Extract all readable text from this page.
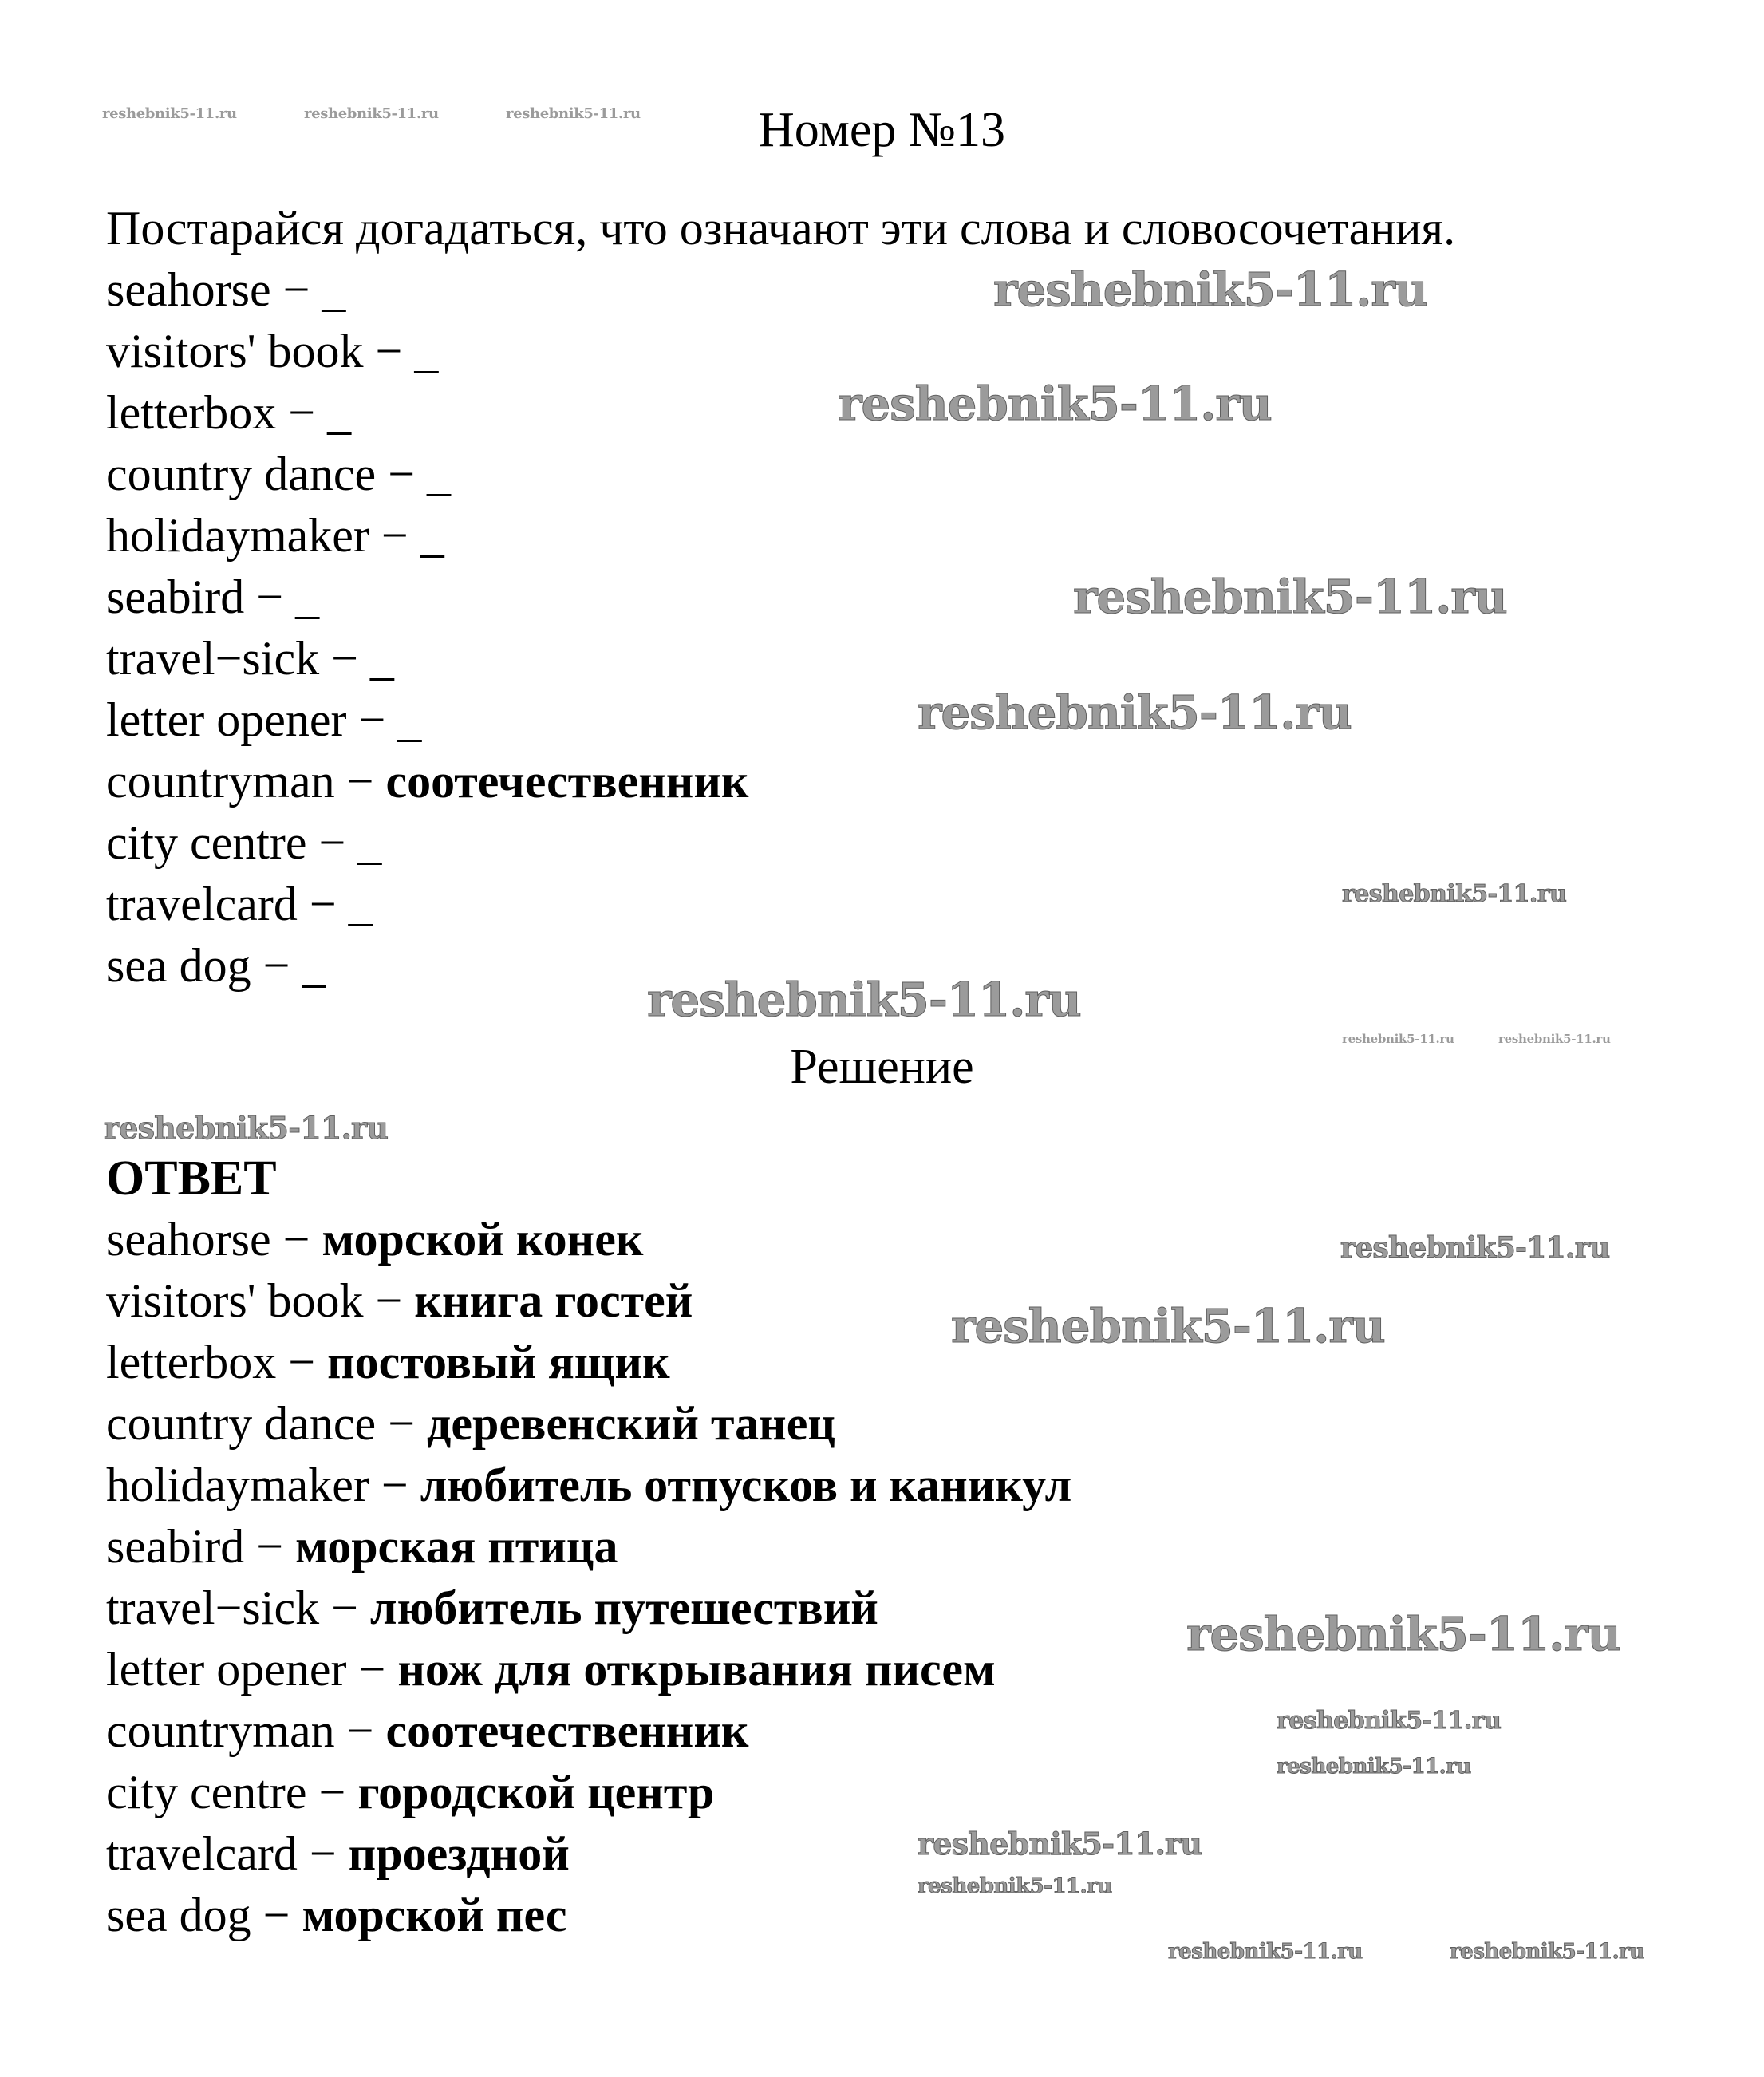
Номер №13
Постарайся догадаться, что означают эти слова и словосочетания.
seahorse − _
visitors' book − _
letterbox − _
country dance − _
holidaymaker − _
seabird − _
travel−sick − _
letter opener − _
countryman − соотечественник
city centre − _
travelcard − _
sea dog − _
Решение
ОТВЕТ
seahorse − морской конек
visitors' book − книга гостей
letterbox − постовый ящик
country dance − деревенский танец
holidaymaker − любитель отпусков и каникул
seabird − морская птица
travel−sick − любитель путешествий
letter opener − нож для открывания писем
countryman − соотечественник
city centre − городской центр
travelcard − проездной
sea dog − морской пес
reshebnik5-11.ru	reshebnik5-11.ru	reshebnik5-11.ru
reshebnik5-11.ru
reshebnik5-11.ru
reshebnik5-11.ru
reshebnik5-11.ru
reshebnik5-11.ru
reshebnik5-11.ru
reshebnik5-11.ru	reshebnik5-11.ru
reshebnik5-11.ru
reshebnik5-11.ru
reshebnik5-11.ru
reshebnik5-11.ru
reshebnik5-11.ru
reshebnik5-11.ru
reshebnik5-11.ru
reshebnik5-11.ru
reshebnik5-11.ru	reshebnik5-11.ru
